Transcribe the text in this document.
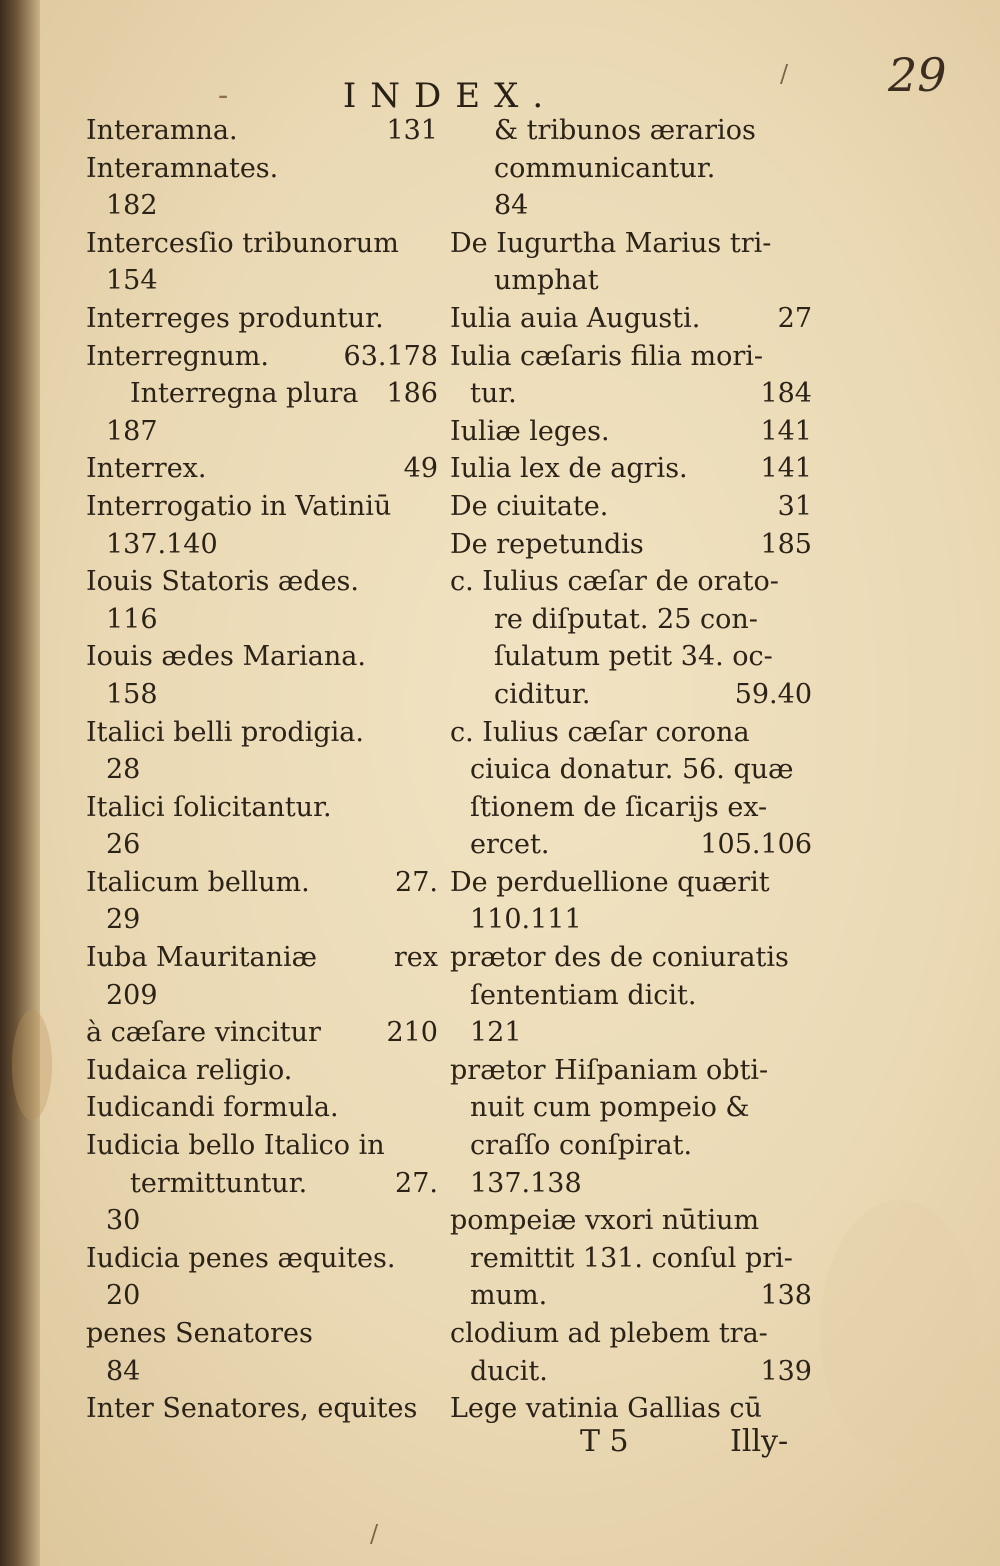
-	INDEX.	29
Interamna.	131
Interamnates.
182
Intercesſio tribunorum
154
Interreges produntur.
Interregnum.	63.178
Interregna plura 186
187
Interrex.	49
Interrogatio in Vatiniū
137.140
Iouis Statoris ædes.
116
Iouis ædes Mariana.
158
Italici belli prodigia.
28
Italici ſolicitantur.
26
Italicum bellum.	27.
29
Iuba Mauritaniæ	rex
209
à cæſare vincitur 210
Iudaica religio.
Iudicandi formula.
Iudicia bello Italico in
termittuntur.	27.
30
Iudicia penes æquites.
20
penes Senatores
84
Inter Senatores, equites
& tribunos ærarios
communicantur.
84
De Iugurtha Marius tri-
umphat
Iulia auia Augusti.	27
Iulia cæſaris filia mori-
tur.	184
Iuliæ leges.	141
Iulia lex de agris.	141
De ciuitate.	31
De repetundis	185
c. Iulius cæſar de orato-
re diſputat. 25 con-
ſulatum petit 34. oc-
ciditur.	59.40
c. Iulius cæſar corona
ciuica donatur. 56. quæ
ſtionem de ſicarijs ex-
ercet.	105.106
De perduellione quærit
110.111
prætor des de coniuratis
ſententiam dicit.
121
prætor Hiſpaniam obti-
nuit cum pompeio &
craſſo conſpirat.
137.138
pompeiæ vxori nūtium
remittit 131. conſul pri-
mum.	138
clodium ad plebem tra-
ducit.	139
Lege vatinia Gallias cū
T 5	Illy-
/
/
